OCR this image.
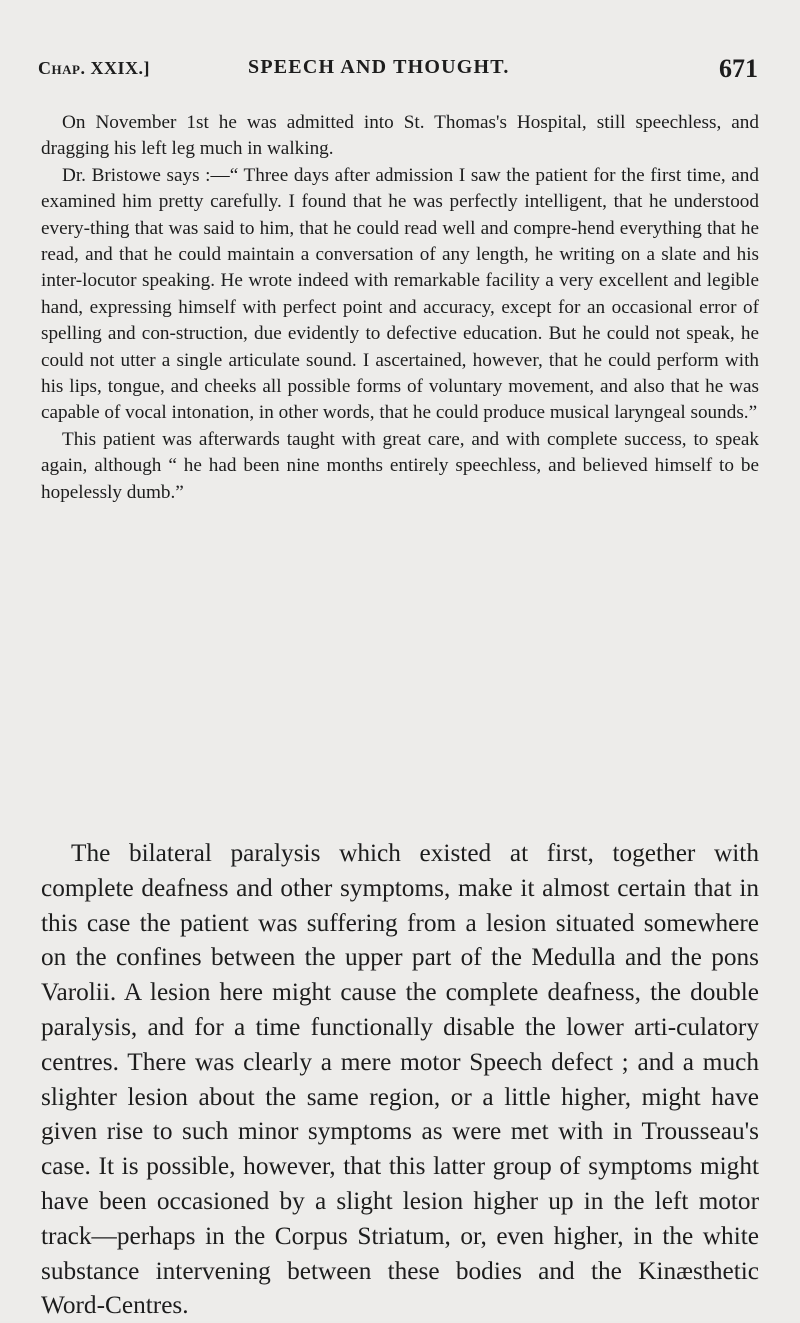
Chap. XXIX.]	SPEECH AND THOUGHT.	671

On November 1st he was admitted into St. Thomas's Hospital, still speechless, and dragging his left leg much in walking.

Dr. Bristowe says :—“ Three days after admission I saw the patient for the first time, and examined him pretty carefully. I found that he was perfectly intelligent, that he understood every-thing that was said to him, that he could read well and compre-hend everything that he read, and that he could maintain a conversation of any length, he writing on a slate and his inter-locutor speaking. He wrote indeed with remarkable facility a very excellent and legible hand, expressing himself with perfect point and accuracy, except for an occasional error of spelling and con-struction, due evidently to defective education. But he could not speak, he could not utter a single articulate sound. I ascertained, however, that he could perform with his lips, tongue, and cheeks all possible forms of voluntary movement, and also that he was capable of vocal intonation, in other words, that he could produce musical laryngeal sounds.”

This patient was afterwards taught with great care, and with complete success, to speak again, although “ he had been nine months entirely speechless, and believed himself to be hopelessly dumb.”

The bilateral paralysis which existed at first, together with complete deafness and other symptoms, make it almost certain that in this case the patient was suffering from a lesion situated somewhere on the confines between the upper part of the Medulla and the pons Varolii. A lesion here might cause the complete deafness, the double paralysis, and for a time functionally disable the lower arti-culatory centres. There was clearly a mere motor Speech defect ; and a much slighter lesion about the same region, or a little higher, might have given rise to such minor symptoms as were met with in Trousseau's case. It is possible, however, that this latter group of symptoms might have been occasioned by a slight lesion higher up in the left motor track—perhaps in the Corpus Striatum, or, even higher, in the white substance intervening between these bodies and the Kinæsthetic Word-Centres.
